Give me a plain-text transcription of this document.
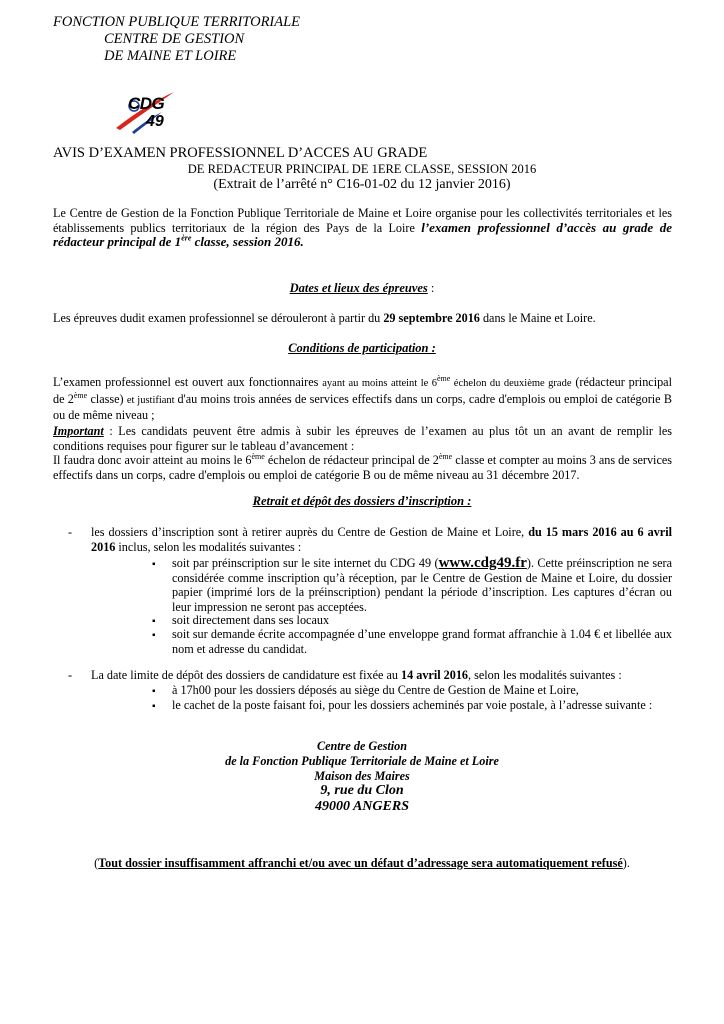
FONCTION PUBLIQUE TERRITORIALE
CENTRE DE GESTION
DE MAINE ET LOIRE
CDG
49
AVIS D’EXAMEN PROFESSIONNEL D’ACCES AU GRADE
DE REDACTEUR PRINCIPAL DE 1ERE CLASSE, SESSION 2016
(Extrait de l’arrêté n° C16-01-02 du 12 janvier 2016)
Le Centre de Gestion de la Fonction Publique Territoriale de Maine et Loire organise pour les collectivités territoriales et les établissements publics territoriaux de la région des Pays de la Loire l’examen professionnel d’accès au grade de rédacteur principal de 1ère classe, session 2016.
Dates et lieux des épreuves :
Les épreuves dudit examen professionnel se dérouleront à partir du 29 septembre 2016 dans le Maine et Loire.
Conditions de participation :
L’examen professionnel est ouvert aux fonctionnaires ayant au moins atteint le 6ème échelon du deuxième grade (rédacteur principal de 2ème classe) et justifiant d'au moins trois années de services effectifs dans un corps, cadre d'emplois ou emploi de catégorie B ou de même niveau ;
Important : Les candidats peuvent être admis à subir les épreuves de l’examen au plus tôt un an avant de remplir les conditions requises pour figurer sur le tableau d’avancement :
Il faudra donc avoir atteint au moins le 6ème échelon de rédacteur principal de 2ème classe et compter au moins 3 ans de services effectifs dans un corps, cadre d'emplois ou emploi de catégorie B ou de même niveau au 31 décembre 2017.
Retrait et dépôt des dossiers d’inscription :
- les dossiers d’inscription sont à retirer auprès du Centre de Gestion de Maine et Loire, du 15 mars 2016 au 6 avril 2016 inclus, selon les modalités suivantes :
▪ soit par préinscription sur le site internet du CDG 49 (www.cdg49.fr). Cette préinscription ne sera considérée comme inscription qu’à réception, par le Centre de Gestion de Maine et Loire, du dossier papier (imprimé lors de la préinscription) pendant la période d’inscription. Les captures d’écran ou leur impression ne seront pas acceptées.
▪ soit directement dans ses locaux
▪ soit sur demande écrite accompagnée d’une enveloppe grand format affranchie à 1.04 € et libellée aux nom et adresse du candidat.
- La date limite de dépôt des dossiers de candidature est fixée au 14 avril 2016, selon les modalités suivantes :
▪ à 17h00 pour les dossiers déposés au siège du Centre de Gestion de Maine et Loire,
▪ le cachet de la poste faisant foi, pour les dossiers acheminés par voie postale, à l’adresse suivante :
Centre de Gestion
de la Fonction Publique Territoriale de Maine et Loire
Maison des Maires
9, rue du Clon
49000 ANGERS
(Tout dossier insuffisamment affranchi et/ou avec un défaut d’adressage sera automatiquement refusé).
